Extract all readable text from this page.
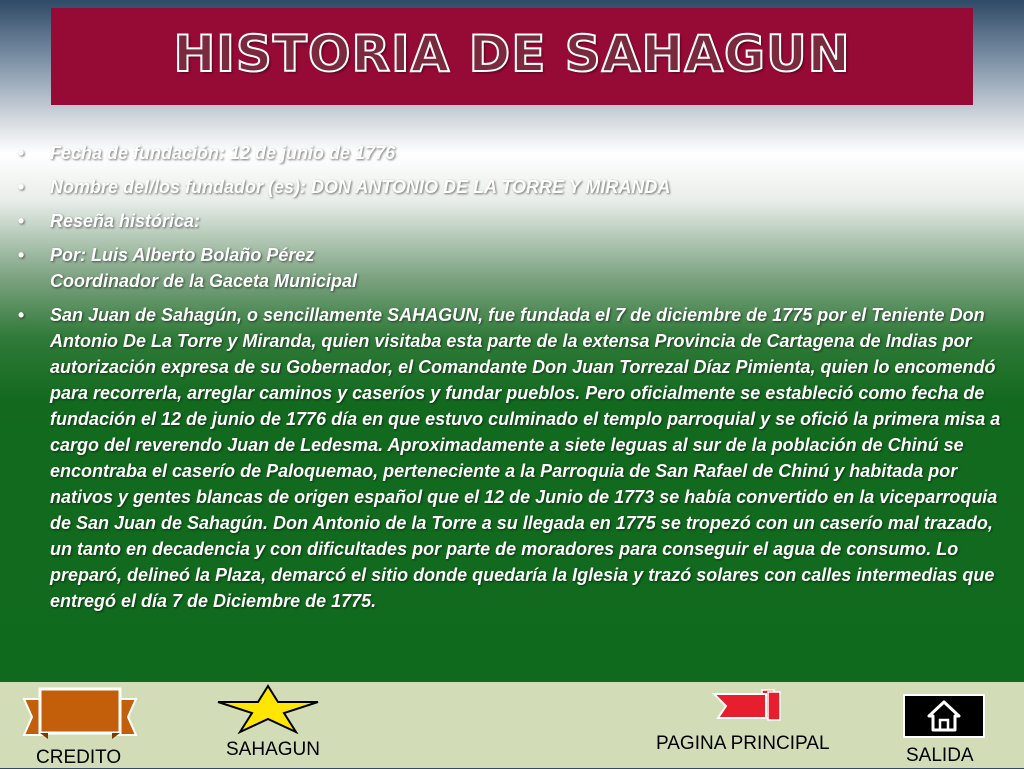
HISTORIA DE SAHAGUN
• Fecha de fundación: 12 de junio de 1776
• Nombre del/los fundador (es): DON ANTONIO DE LA TORRE Y MIRANDA
• Reseña histórica:
• Por: Luis Alberto Bolaño Pérez
Coordinador de la Gaceta Municipal
• San Juan de Sahagún, o sencillamente SAHAGUN, fue fundada el 7 de diciembre de 1775 por el Teniente Don Antonio De La Torre y Miranda, quien visitaba esta parte de la extensa Provincia de Cartagena de Indias por autorización expresa de su Gobernador, el Comandante Don Juan Torrezal Díaz Pimienta, quien lo encomendó para recorrerla, arreglar caminos y caseríos y fundar pueblos. Pero oficialmente se estableció como fecha de fundación el 12 de junio de 1776 día en que estuvo culminado el templo parroquial y se ofició la primera misa a cargo del reverendo Juan de Ledesma. Aproximadamente a siete leguas al sur de la población de Chinú se encontraba el caserío de Paloquemao, perteneciente a la Parroquia de San Rafael de Chinú y habitada por nativos y gentes blancas de origen español que el 12 de Junio de 1773 se había convertido en la viceparroquia de San Juan de Sahagún. Don Antonio de la Torre a su llegada en 1775 se tropezó con un caserío mal trazado, un tanto en decadencia y con dificultades por parte de moradores para conseguir el agua de consumo. Lo preparó, delineó la Plaza, demarcó el sitio donde quedaría la Iglesia y trazó solares con calles intermedias que entregó el día 7 de Diciembre de 1775.
CREDITO	SAHAGUN	PAGINA PRINCIPAL
SALIDA
